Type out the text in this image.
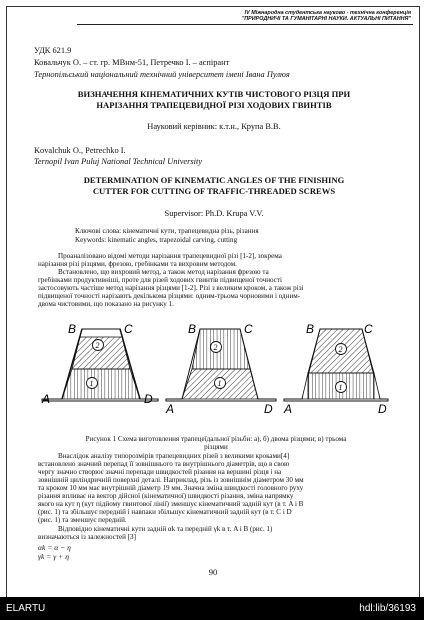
IV Міжнародна студентська науково - технічна конференція
"ПРИРОДНИЧІ ТА ГУМАНІТАРНІ НАУКИ. АКТУАЛЬНІ ПИТАННЯ"
УДК 621.9
Ковальчук О. – ст. гр. МВнм-51, Петречко І. – аспірант
Тернопільський національний технічний університет імені Івана Пулюя
ВИЗНАЧЕННЯ КІНЕМАТИЧНИХ КУТІВ ЧИСТОВОГО РІЗЦЯ ПРИ
НАРІЗАННЯ ТРАПЕЦЕВИДНОЇ РІЗІ ХОДОВИХ ГВИНТІВ
Науковий керівник: к.т.н., Крупа В.В.
Kovalchuk O., Petrechko I.
Ternopil Ivan Puluj National Technical University
DETERMINATION OF KINEMATIC ANGLES OF THE FINISHING
CUTTER FOR CUTTING OF TRAFFIC-THREADED SCREWS
Supervisor: Ph.D. Krupa V.V.
Ключові слова: кінематичні кути, трапецевидна різь, різання
Keywords: kinematic angles, trapezoidal carving, cutting
Проаналізовано відомі методи нарізання трапецевидної різі [1-2], зокрема
нарізання різі різцями, фрезою, гребінками та вихровим методом.
Встановлено, що вихровий метод, а також метод нарізання фрезою та
гребінками продуктивніші, проте для різей ходових гвинтів підвищеної точності
застосовують частіше метод нарізання різцями [1-2]. Різі з великим кроком, а також різі
підвищеної точності нарізають декількома різцями: одним-трьома чорновими і одним-
двома чистовими, що показано на рисунку 1.
B	C
A	D
1
2
B	C
A	D
1
2
B	C
A	D
1
2
Рисунок 1 Схема виготовлення трапецеїдальної різьби: а), б) двома різцями; в) трьома
різцями
Внаслідок аналізу типорозмірів трапецевидних різей з великими кроками[4]
встановлено значний перепад її зовнішнього та внутрішнього діаметрів, що в свою
чергу значно створює значні перепади швидкостей різання на вершині різця і на
зовнішній циліндричній поверхні деталі. Наприклад, різь із зовнішнім діаметром 30 мм
та кроком 10 мм має внутрішній діаметр 19 мм. Значна зміна швидкості головного руху
різання впливає на вектор дійсної (кінематичної) швидкості різання, зміна напрямку
якого на кут η (кут підйому гвинтової лінії) зменшує кінематичний задній кут (в т. A і B
(рис. 1) та збільшує передній і навпаки збільшує кінематичний задній кут (в т. C і D
(рис. 1) та зменшує передній.
Відповідно кінематичні кути задній αk та передній γk в т. A і B (рис. 1)
визначаються із залежностей [3]
αk = α − η
γk = γ + η
90
ELARTU	hdl:lib/36193
